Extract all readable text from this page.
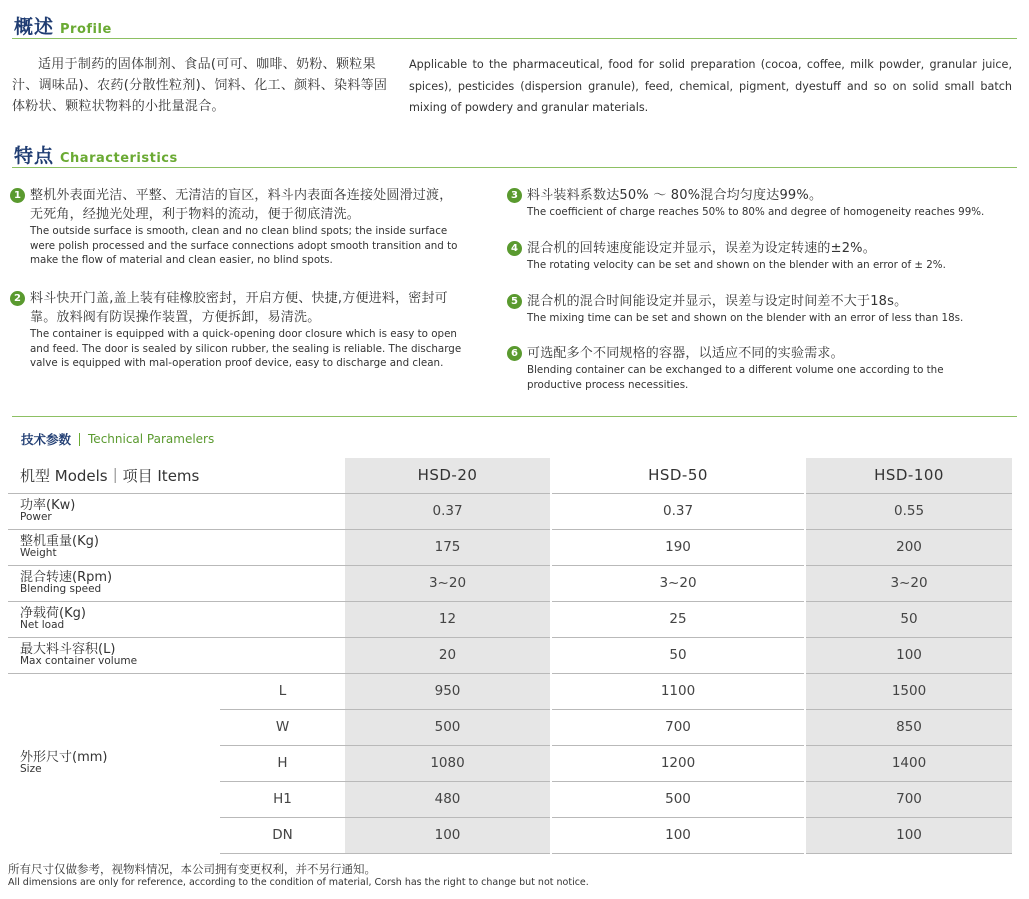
概述 Profile

适用于制药的固体制剂、食品(可可、咖啡、奶粉、颗粒果汁、调味品)、农药(分散性粒剂)、饲料、化工、颜料、染料等固体粉状、颗粒状物料的小批量混合。

Applicable to the pharmaceutical, food for solid preparation (cocoa, coffee, milk powder, granular juice, spices), pesticides (dispersion granule), feed, chemical, pigment, dyestuff and so on solid small batch mixing of powdery and granular materials.

特点 Characteristics
1 整机外表面光洁、平整、无清洁的盲区，料斗内表面各连接处圆滑过渡，无死角，经抛光处理，利于物料的流动，便于彻底清洗。
The outside surface is smooth, clean and no clean blind spots; the inside surface were polish processed and the surface connections adopt smooth transition and to make the flow of material and clean easier, no blind spots.
2 料斗快开门盖,盖上装有硅橡胶密封，开启方便、快捷,方便进料，密封可靠。放料阀有防误操作装置，方便拆卸，易清洗。
The container is equipped with a quick-opening door closure which is easy to open and feed. The door is sealed by silicon rubber, the sealing is reliable. The discharge valve is equipped with mal-operation proof device, easy to discharge and clean.
3 料斗装料系数达50% ～ 80%混合均匀度达99%。
The coefficient of charge reaches 50% to 80% and degree of homogeneity reaches 99%.
4 混合机的回转速度能设定并显示，误差为设定转速的±2%。
The rotating velocity can be set and shown on the blender with an error of ± 2%.
5 混合机的混合时间能设定并显示，误差与设定时间差不大于18s。
The mixing time can be set and shown on the blender with an error of less than 18s.
6 可选配多个不同规格的容器，以适应不同的实验需求。
Blending container can be exchanged to a different volume one according to the productive process necessities.
技术参数 Technical Paramelers
机型 Models｜项目 Items		HSD-20	HSD-50	HSD-100

功率(Kw)
Power		0.37	0.37	0.55

整机重量(Kg)
Weight		175	190	200

混合转速(Rpm)
Blending speed		3~20	3~20	3~20

净载荷(Kg)
Net load		12	25	50

最大料斗容积(L)
Max container volume		20	50	100

外形尺寸(mm)
Size	L	950	1100	1500
	W	500	700	850
	H	1080	1200	1400
	H1	480	500	700
	DN	100	100	100
所有尺寸仅做参考，视物料情况，本公司拥有变更权利，并不另行通知。
All dimensions are only for reference, according to the condition of material, Corsh has the right to change but not notice.
